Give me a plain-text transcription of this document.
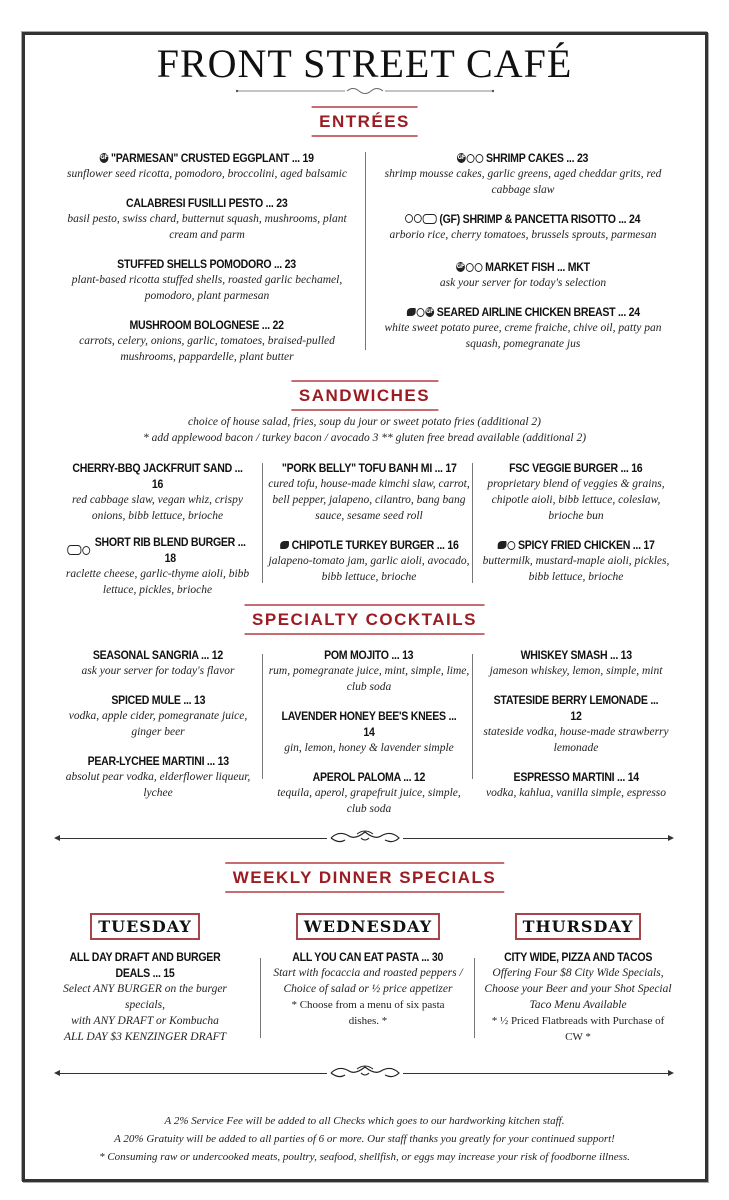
FRONT STREET CAFÉ
ENTRÉES
GF "PARMESAN" CRUSTED EGGPLANT ... 19
sunflower seed ricotta, pomodoro, broccolini, aged balsamic
CALABRESI FUSILLI PESTO ... 23
basil pesto, swiss chard, butternut squash, mushrooms, plant cream and parm
STUFFED SHELLS POMODORO ... 23
plant-based ricotta stuffed shells, roasted garlic bechamel, pomodoro, plant parmesan
MUSHROOM BOLOGNESE ... 22
carrots, celery, onions, garlic, tomatoes, braised-pulled mushrooms, pappardelle, plant butter
GF SHRIMP CAKES ... 23
shrimp mousse cakes, garlic greens, aged cheddar grits, red cabbage slaw
(GF) SHRIMP & PANCETTA RISOTTO ... 24
arborio rice, cherry tomatoes, brussels sprouts, parmesan
GF MARKET FISH ... MKT
ask your server for today's selection
GF SEARED AIRLINE CHICKEN BREAST ... 24
white sweet potato puree, creme fraiche, chive oil, patty pan squash, pomegranate jus
SANDWICHES
choice of house salad, fries, soup du jour or sweet potato fries (additional 2)
* add applewood bacon / turkey bacon / avocado 3 ** gluten free bread available (additional 2)
CHERRY-BBQ JACKFRUIT SAND ... 16
red cabbage slaw, vegan whiz, crispy onions, bibb lettuce, brioche
SHORT RIB BLEND BURGER ... 18
raclette cheese, garlic-thyme aioli, bibb lettuce, pickles, brioche
"PORK BELLY" TOFU BANH MI ... 17
cured tofu, house-made kimchi slaw, carrot, bell pepper, jalapeno, cilantro, bang bang sauce, sesame seed roll
CHIPOTLE TURKEY BURGER ... 16
jalapeno-tomato jam, garlic aioli, avocado, bibb lettuce, brioche
FSC VEGGIE BURGER ... 16
proprietary blend of veggies & grains, chipotle aioli, bibb lettuce, coleslaw, brioche bun
SPICY FRIED CHICKEN ... 17
buttermilk, mustard-maple aioli, pickles, bibb lettuce, brioche
SPECIALTY COCKTAILS
SEASONAL SANGRIA ... 12
ask your server for today's flavor
SPICED MULE ... 13
vodka, apple cider, pomegranate juice, ginger beer
PEAR-LYCHEE MARTINI ... 13
absolut pear vodka, elderflower liqueur, lychee
POM MOJITO ... 13
rum, pomegranate juice, mint, simple, lime, club soda
LAVENDER HONEY BEE'S KNEES ... 14
gin, lemon, honey & lavender simple
APEROL PALOMA ... 12
tequila, aperol, grapefruit juice, simple, club soda
WHISKEY SMASH ... 13
jameson whiskey, lemon, simple, mint
STATESIDE BERRY LEMONADE ... 12
stateside vodka, house-made strawberry lemonade
ESPRESSO MARTINI ... 14
vodka, kahlua, vanilla simple, espresso
WEEKLY DINNER SPECIALS
TUESDAY
ALL DAY DRAFT AND BURGER DEALS ... 15
Select ANY BURGER on the burger specials,
with ANY DRAFT or Kombucha
ALL DAY $3 KENZINGER DRAFT
WEDNESDAY
ALL YOU CAN EAT PASTA ... 30
Start with focaccia and roasted peppers /
Choice of salad or ½ price appetizer
* Choose from a menu of six pasta
dishes. *
THURSDAY
CITY WIDE, PIZZA AND TACOS
Offering Four $8 City Wide Specials,
Choose your Beer and your Shot Special
Taco Menu Available
* ½ Priced Flatbreads with Purchase of
CW *
A 2% Service Fee will be added to all Checks which goes to our hardworking kitchen staff.
A 20% Gratuity will be added to all parties of 6 or more. Our staff thanks you greatly for your continued support!
* Consuming raw or undercooked meats, poultry, seafood, shellfish, or eggs may increase your risk of foodborne illness.
